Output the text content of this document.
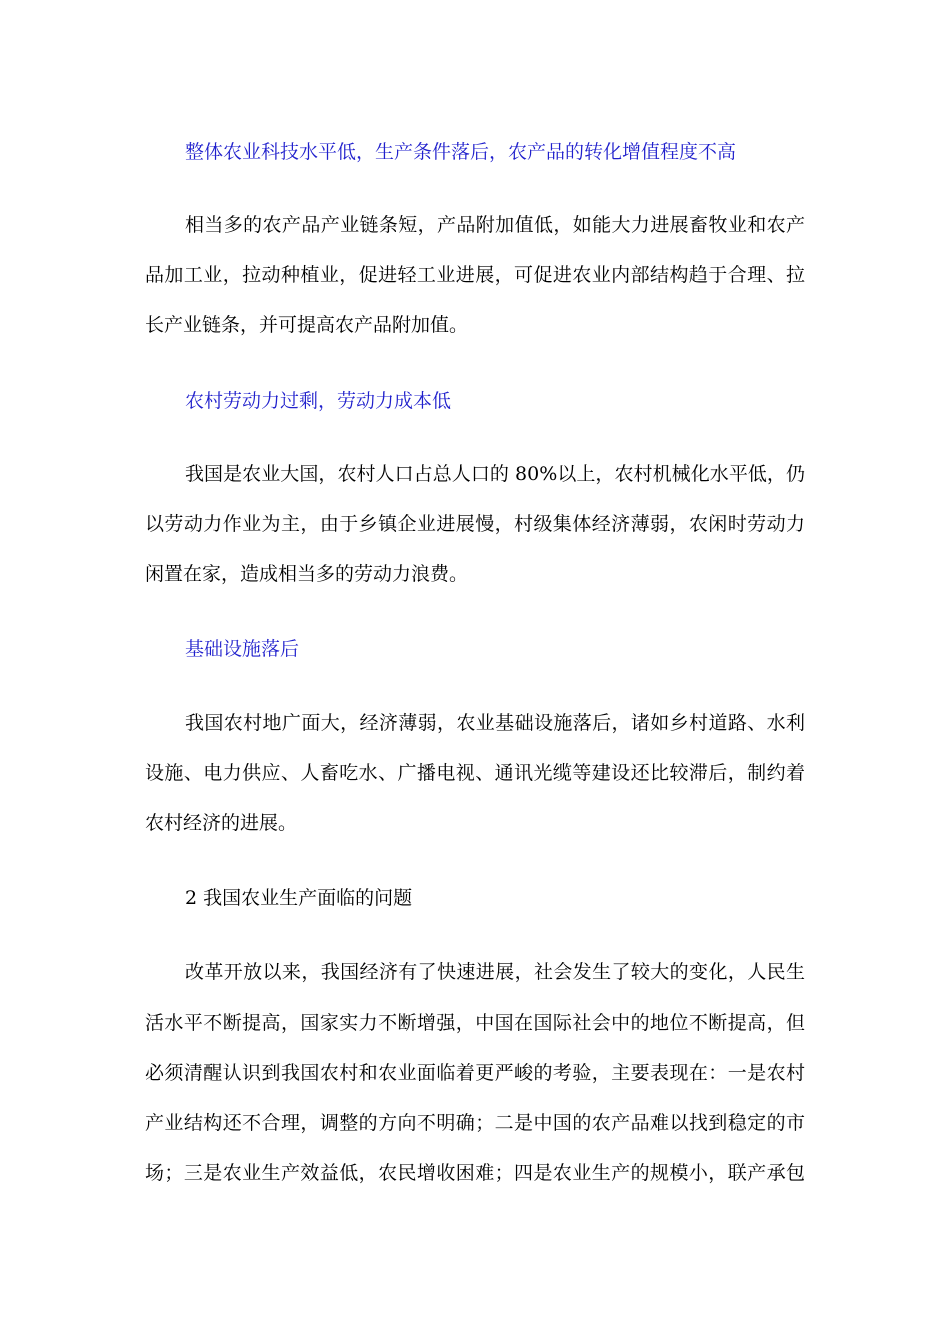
整体农业科技水平低，生产条件落后，农产品的转化增值程度不高

相当多的农产品产业链条短，产品附加值低，如能大力进展畜牧业和农产

品加工业，拉动种植业，促进轻工业进展，可促进农业内部结构趋于合理、拉

长产业链条，并可提高农产品附加值。

农村劳动力过剩，劳动力成本低

我国是农业大国，农村人口占总人口的 80%以上，农村机械化水平低，仍

以劳动力作业为主，由于乡镇企业进展慢，村级集体经济薄弱，农闲时劳动力

闲置在家，造成相当多的劳动力浪费。

基础设施落后

我国农村地广面大，经济薄弱，农业基础设施落后，诸如乡村道路、水利

设施、电力供应、人畜吃水、广播电视、通讯光缆等建设还比较滞后，制约着

农村经济的进展。

2 我国农业生产面临的问题

改革开放以来，我国经济有了快速进展，社会发生了较大的变化，人民生

活水平不断提高，国家实力不断增强，中国在国际社会中的地位不断提高，但

必须清醒认识到我国农村和农业面临着更严峻的考验，主要表现在：一是农村

产业结构还不合理，调整的方向不明确；二是中国的农产品难以找到稳定的市

场；三是农业生产效益低，农民增收困难；四是农业生产的规模小，联产承包
